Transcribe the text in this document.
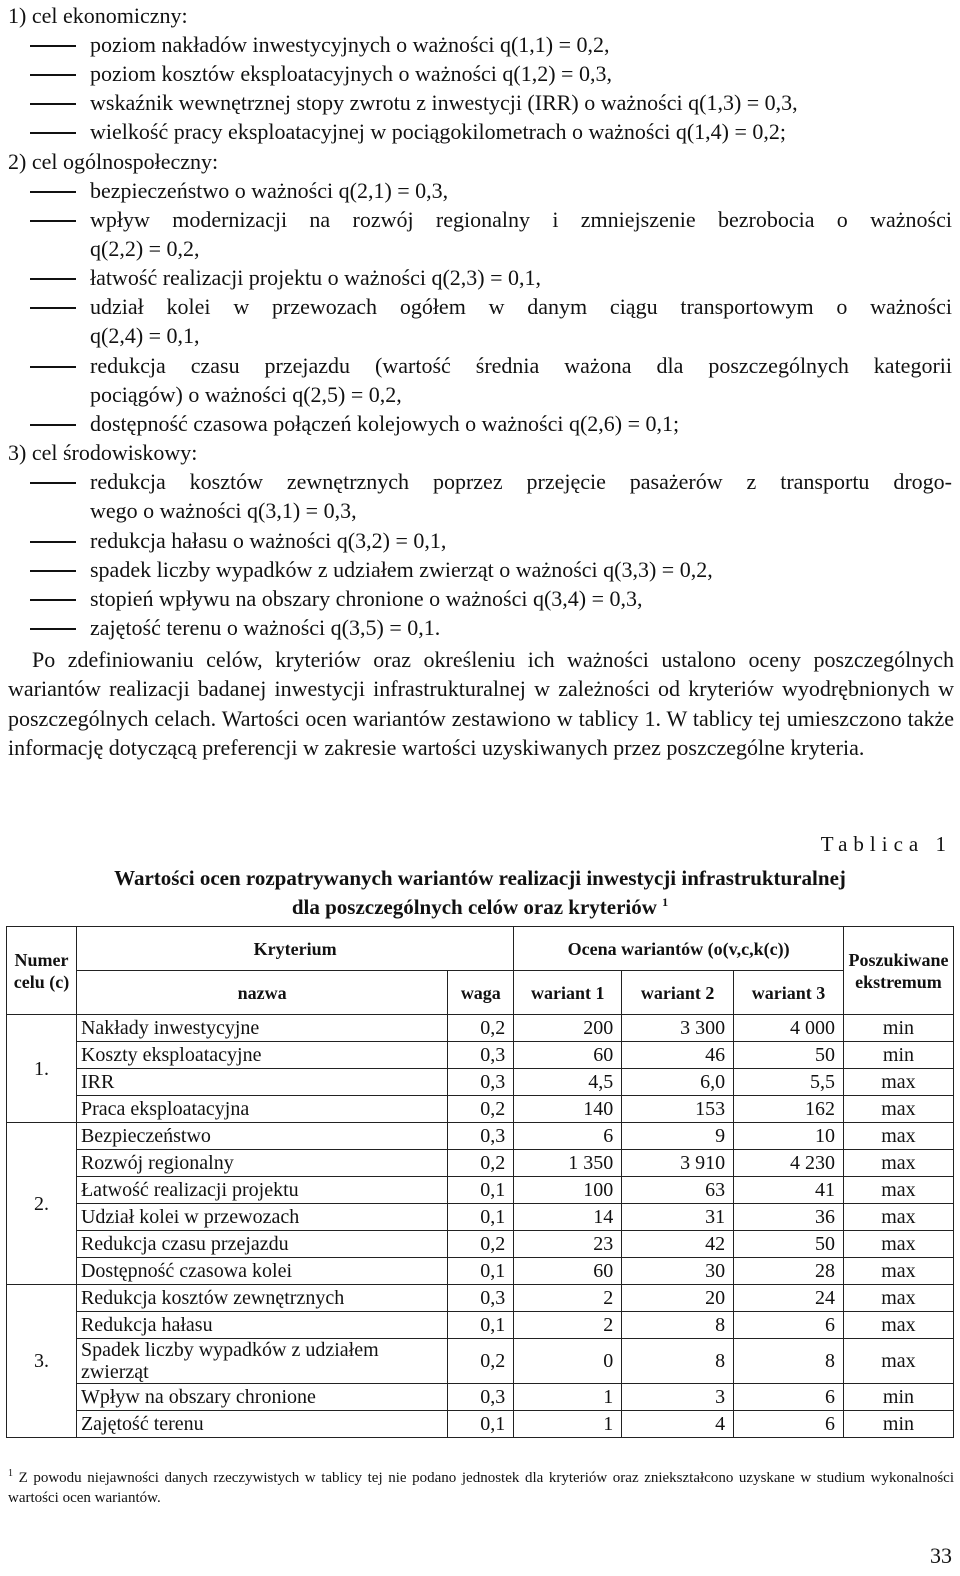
1) cel ekonomiczny:
poziom nakładów inwestycyjnych o ważności q(1,1) = 0,2,
poziom kosztów eksploatacyjnych o ważności q(1,2) = 0,3,
wskaźnik wewnętrznej stopy zwrotu z inwestycji (IRR) o ważności q(1,3) = 0,3,
wielkość pracy eksploatacyjnej w pociągokilometrach o ważności q(1,4) = 0,2;
2) cel ogólnospołeczny:
bezpieczeństwo o ważności q(2,1) = 0,3,
wpływ modernizacji na rozwój regionalny i zmniejszenie bezrobocia o ważności
q(2,2) = 0,2,
łatwość realizacji projektu o ważności q(2,3) = 0,1,
udział kolei w przewozach ogółem w danym ciągu transportowym o ważności
q(2,4) = 0,1,
redukcja czasu przejazdu (wartość średnia ważona dla poszczególnych kategorii
pociągów) o ważności q(2,5) = 0,2,
dostępność czasowa połączeń kolejowych o ważności q(2,6) = 0,1;
3) cel środowiskowy:
redukcja kosztów zewnętrznych poprzez przejęcie pasażerów z transportu drogo-
wego o ważności q(3,1) = 0,3,
redukcja hałasu o ważności q(3,2) = 0,1,
spadek liczby wypadków z udziałem zwierząt o ważności q(3,3) = 0,2,
stopień wpływu na obszary chronione o ważności q(3,4) = 0,3,
zajętość terenu o ważności q(3,5) = 0,1.
Po zdefiniowaniu celów, kryteriów oraz określeniu ich ważności ustalono oceny poszczególnych wariantów realizacji badanej inwestycji infrastrukturalnej w zależności od kryteriów wyodrębnionych w poszczególnych celach. Wartości ocen wariantów zestawiono w tablicy 1. W tablicy tej umieszczono także informację dotyczącą preferencji w zakresie wartości uzyskiwanych przez poszczególne kryteria.
Tablica 1
Wartości ocen rozpatrywanych wariantów realizacji inwestycji infrastrukturalnej
dla poszczególnych celów oraz kryteriów $^1$
Numer celu (c)	Kryterium		Ocena wariantów (o(v,c,k(c))			Poszukiwane ekstremum
	nazwa	waga	wariant 1	wariant 2	wariant 3	
1.	Nakłady inwestycyjne	0,2	200	3 300	4 000	min
	Koszty eksploatacyjne	0,3	60	46	50	min
	IRR	0,3	4,5	6,0	5,5	max
	Praca eksploatacyjna	0,2	140	153	162	max
2.	Bezpieczeństwo	0,3	6	9	10	max
	Rozwój regionalny	0,2	1 350	3 910	4 230	max
	Łatwość realizacji projektu	0,1	100	63	41	max
	Udział kolei w przewozach	0,1	14	31	36	max
	Redukcja czasu przejazdu	0,2	23	42	50	max
	Dostępność czasowa kolei	0,1	60	30	28	max
3.	Redukcja kosztów zewnętrznych	0,3	2	20	24	max
	Redukcja hałasu	0,1	2	8	6	max
	Spadek liczby wypadków z udziałem zwierząt	0,2	0	8	8	max
	Wpływ na obszary chronione	0,3	1	3	6	min
	Zajętość terenu	0,1	1	4	6	min
$^1$ Z powodu niejawności danych rzeczywistych w tablicy tej nie podano jednostek dla kryteriów oraz zniekształcono uzyskane w studium wykonalności wartości ocen wariantów.
33
